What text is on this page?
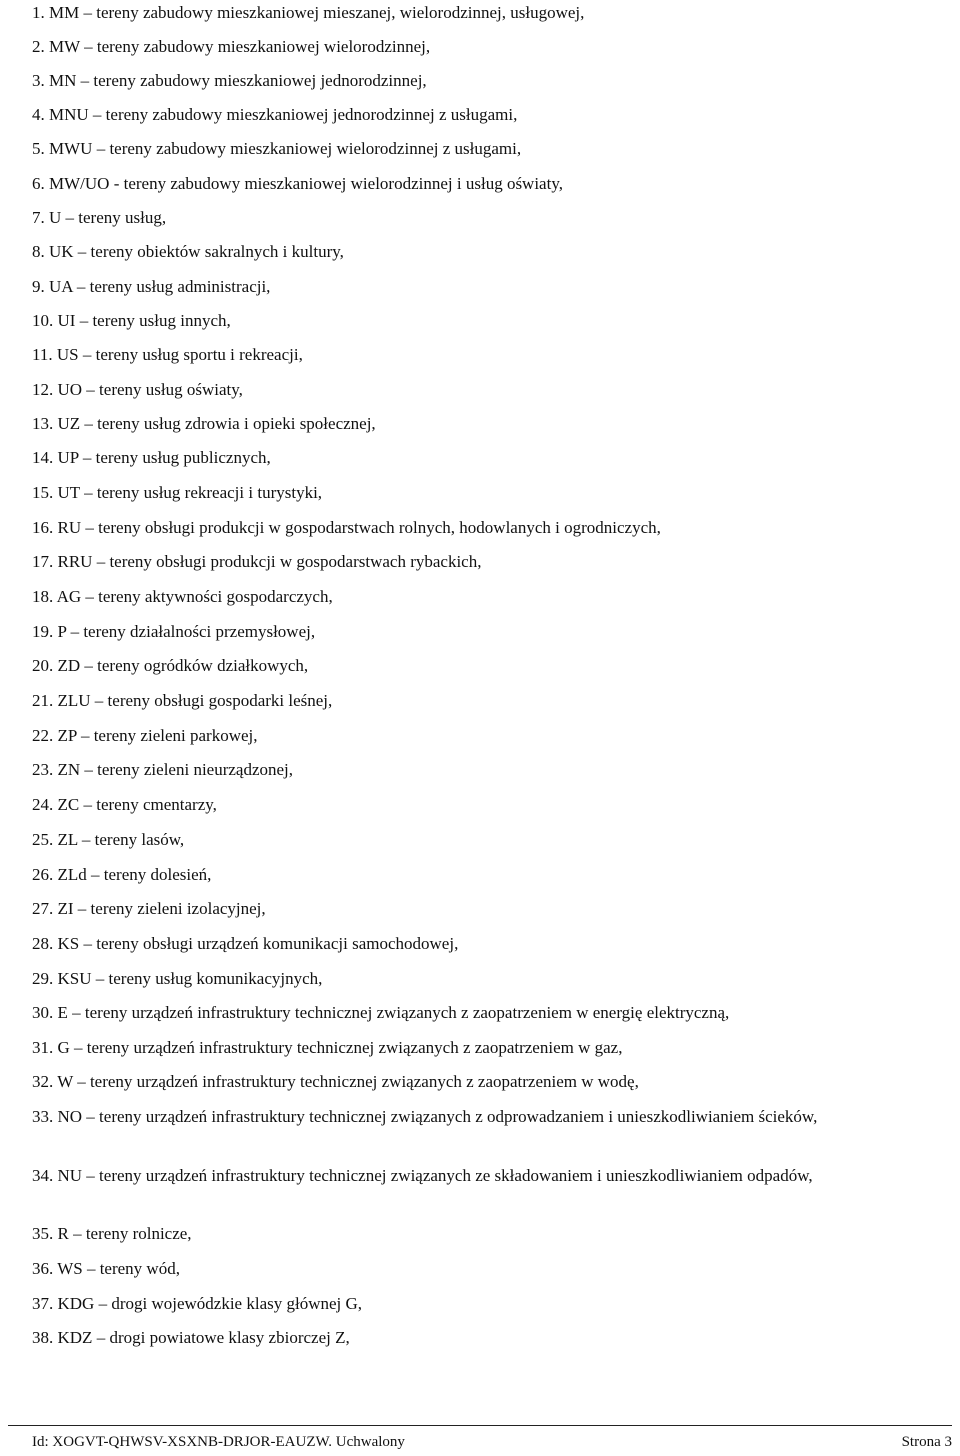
1. MM – tereny zabudowy mieszkaniowej mieszanej, wielorodzinnej, usługowej,
2. MW – tereny zabudowy mieszkaniowej wielorodzinnej,
3. MN – tereny zabudowy mieszkaniowej jednorodzinnej,
4. MNU – tereny zabudowy mieszkaniowej jednorodzinnej z usługami,
5. MWU – tereny zabudowy mieszkaniowej wielorodzinnej z usługami,
6. MW/UO - tereny zabudowy mieszkaniowej wielorodzinnej i usług oświaty,
7. U – tereny usług,
8. UK – tereny obiektów sakralnych i kultury,
9. UA – tereny usług administracji,
10. UI – tereny usług innych,
11. US – tereny usług sportu i rekreacji,
12. UO – tereny usług oświaty,
13. UZ – tereny usług zdrowia i opieki społecznej,
14. UP – tereny usług publicznych,
15. UT – tereny usług rekreacji i turystyki,
16. RU – tereny obsługi produkcji w gospodarstwach rolnych, hodowlanych i ogrodniczych,
17. RRU – tereny obsługi produkcji w gospodarstwach rybackich,
18. AG – tereny aktywności gospodarczych,
19. P – tereny działalności przemysłowej,
20. ZD – tereny ogródków działkowych,
21. ZLU – tereny obsługi gospodarki leśnej,
22. ZP – tereny zieleni parkowej,
23. ZN – tereny zieleni nieurządzonej,
24. ZC – tereny cmentarzy,
25. ZL – tereny lasów,
26. ZLd – tereny dolesień,
27. ZI – tereny zieleni izolacyjnej,
28. KS – tereny obsługi urządzeń komunikacji samochodowej,
29. KSU – tereny usług komunikacyjnych,
30. E – tereny urządzeń infrastruktury technicznej związanych z zaopatrzeniem w energię elektryczną,
31. G – tereny urządzeń infrastruktury technicznej związanych z zaopatrzeniem w gaz,
32. W – tereny urządzeń infrastruktury technicznej związanych z zaopatrzeniem w wodę,
33. NO – tereny urządzeń infrastruktury technicznej związanych z odprowadzaniem i unieszkodliwianiem ścieków,
34. NU – tereny urządzeń infrastruktury technicznej związanych ze składowaniem i unieszkodliwianiem odpadów,
35. R – tereny rolnicze,
36. WS – tereny wód,
37. KDG – drogi wojewódzkie klasy głównej G,
38. KDZ – drogi powiatowe klasy zbiorczej Z,
Id: XOGVT-QHWSV-XSXNB-DRJOR-EAUZW. Uchwalony	Strona 3
